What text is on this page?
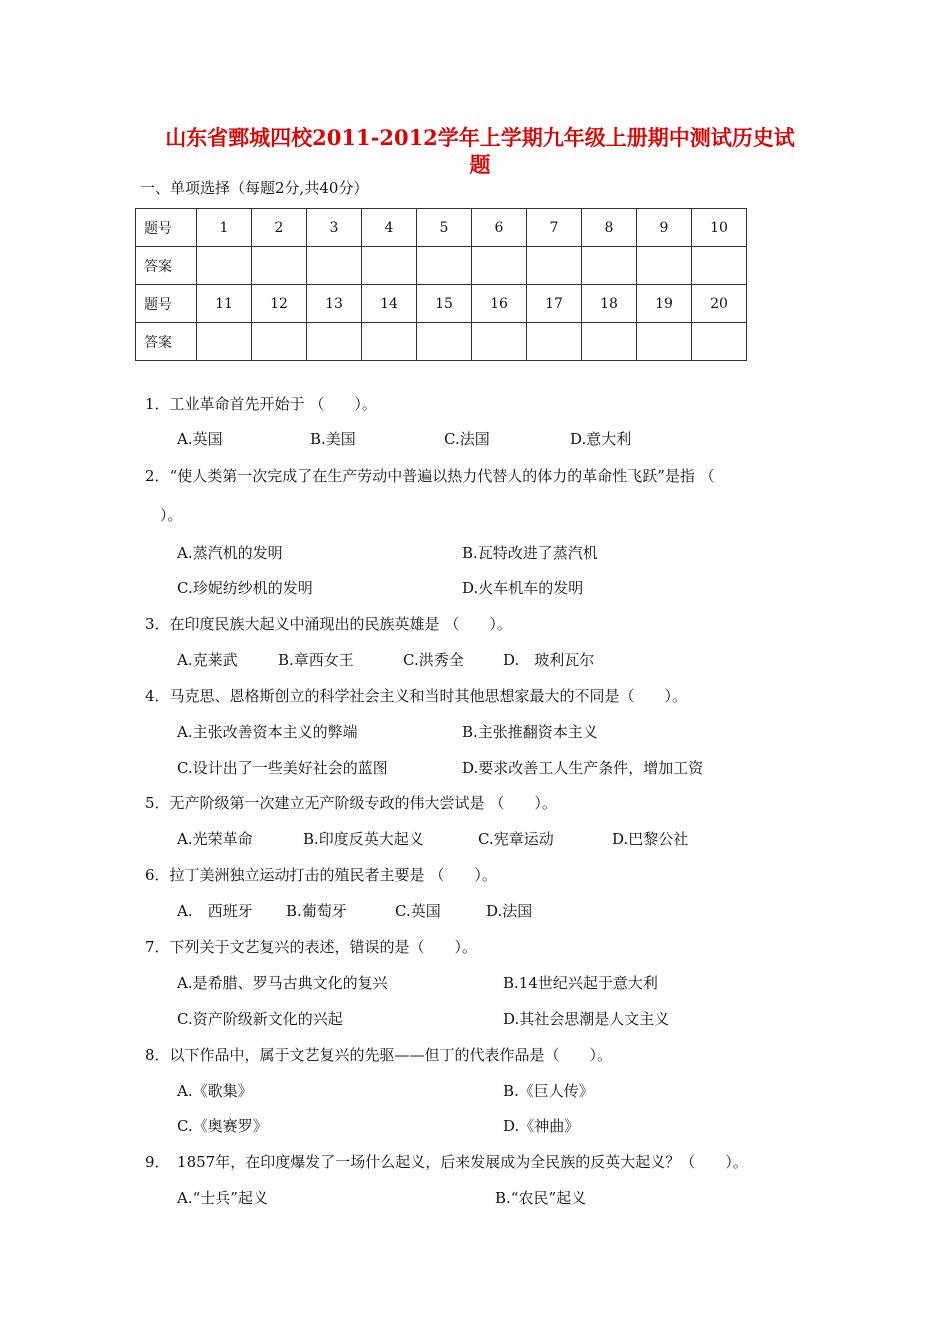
山东省鄄城四校2011-2012学年上学期九年级上册期中测试历史试
题
一、单项选择（每题2分,共40分）
题号	1	2	3	4	5	6	7	8	9	10
答案										
题号	11	12	13	14	15	16	17	18	19	20
答案										
1．工业革命首先开始于 （　　）。
A.英国	B.美国	C.法国	D.意大利
2．“使人类第一次完成了在生产劳动中普遍以热力代替人的体力的革命性飞跃”是指 （
）。
A.蒸汽机的发明	B.瓦特改进了蒸汽机
C.珍妮纺纱机的发明	D.火车机车的发明
3．在印度民族大起义中涌现出的民族英雄是 （　　）。
A.克莱武	B.章西女王	C.洪秀全	D.　玻利瓦尔
4．马克思、恩格斯创立的科学社会主义和当时其他思想家最大的不同是（　　）。
A.主张改善资本主义的弊端	B.主张推翻资本主义
C.设计出了一些美好社会的蓝图	D.要求改善工人生产条件，增加工资
5．无产阶级第一次建立无产阶级专政的伟大尝试是 （　　）。
A.光荣革命	B.印度反英大起义	C.宪章运动	D.巴黎公社
6．拉丁美洲独立运动打击的殖民者主要是 （　　）。
A.　西班牙 B.葡萄牙	C.英国	D.法国
7．下列关于文艺复兴的表述，错误的是（　　）。
A.是希腊、罗马古典文化的复兴	B.14世纪兴起于意大利
C.资产阶级新文化的兴起	D.其社会思潮是人文主义
8．以下作品中，属于文艺复兴的先驱——但丁的代表作品是（　　）。
A.《歌集》	B.《巨人传》
C.《奥赛罗》	D.《神曲》
9．　1857年，在印度爆发了一场什么起义，后来发展成为全民族的反英大起义？（　　）。
A.“士兵”起义	B.“农民”起义
